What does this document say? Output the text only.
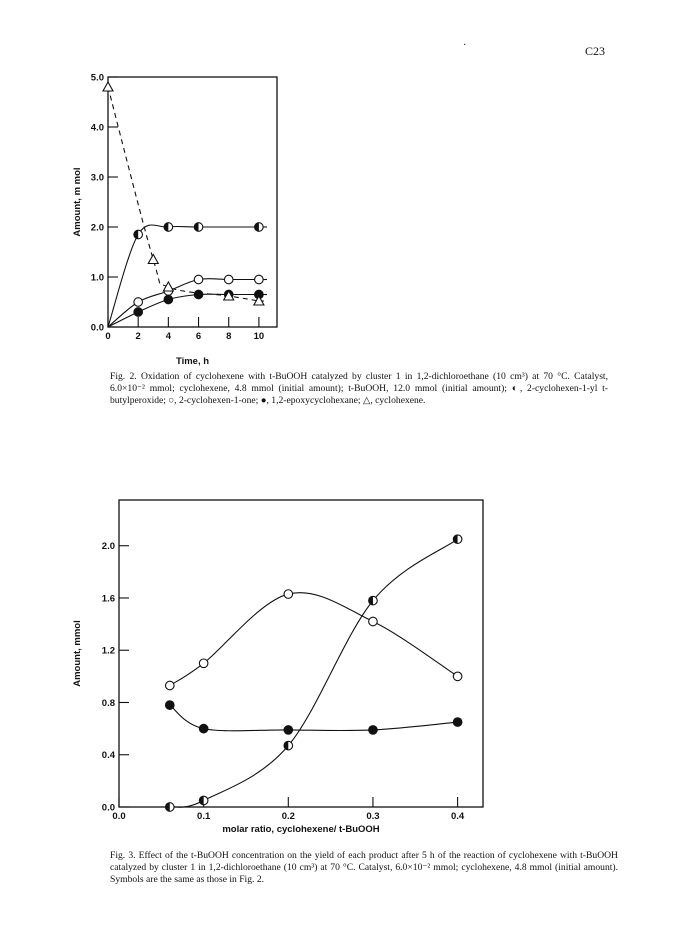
C23
·
0	2	4	6	8 10
0.0
1.0
2.0
3.0
4.0
5.0
Time, h
Amount, m mol
Fig. 2. Oxidation of cyclohexene with t-BuOOH catalyzed by cluster 1 in 1,2-dichloroethane (10 cm³) at 70 °C. Catalyst, 6.0×10⁻² mmol; cyclohexene, 4.8 mmol (initial amount); t-BuOOH, 12.0 mmol (initial amount); ◐, 2-cyclohexen-1-yl t-butylperoxide; ○, 2-cyclohexen-1-one; ●, 1,2-epoxycyclohexane; △, cyclohexene.
0.0	0.1	0.2	0.3	0.4
0.0
0.4
0.8
1.2
1.6
2.0
molar ratio, cyclohexene/ t-BuOOH
Amount, mmol
Fig. 3. Effect of the t-BuOOH concentration on the yield of each product after 5 h of the reaction of cyclohexene with t-BuOOH catalyzed by cluster 1 in 1,2-dichloroethane (10 cm³) at 70 °C. Catalyst, 6.0×10⁻² mmol; cyclohexene, 4.8 mmol (initial amount). Symbols are the same as those in Fig. 2.
